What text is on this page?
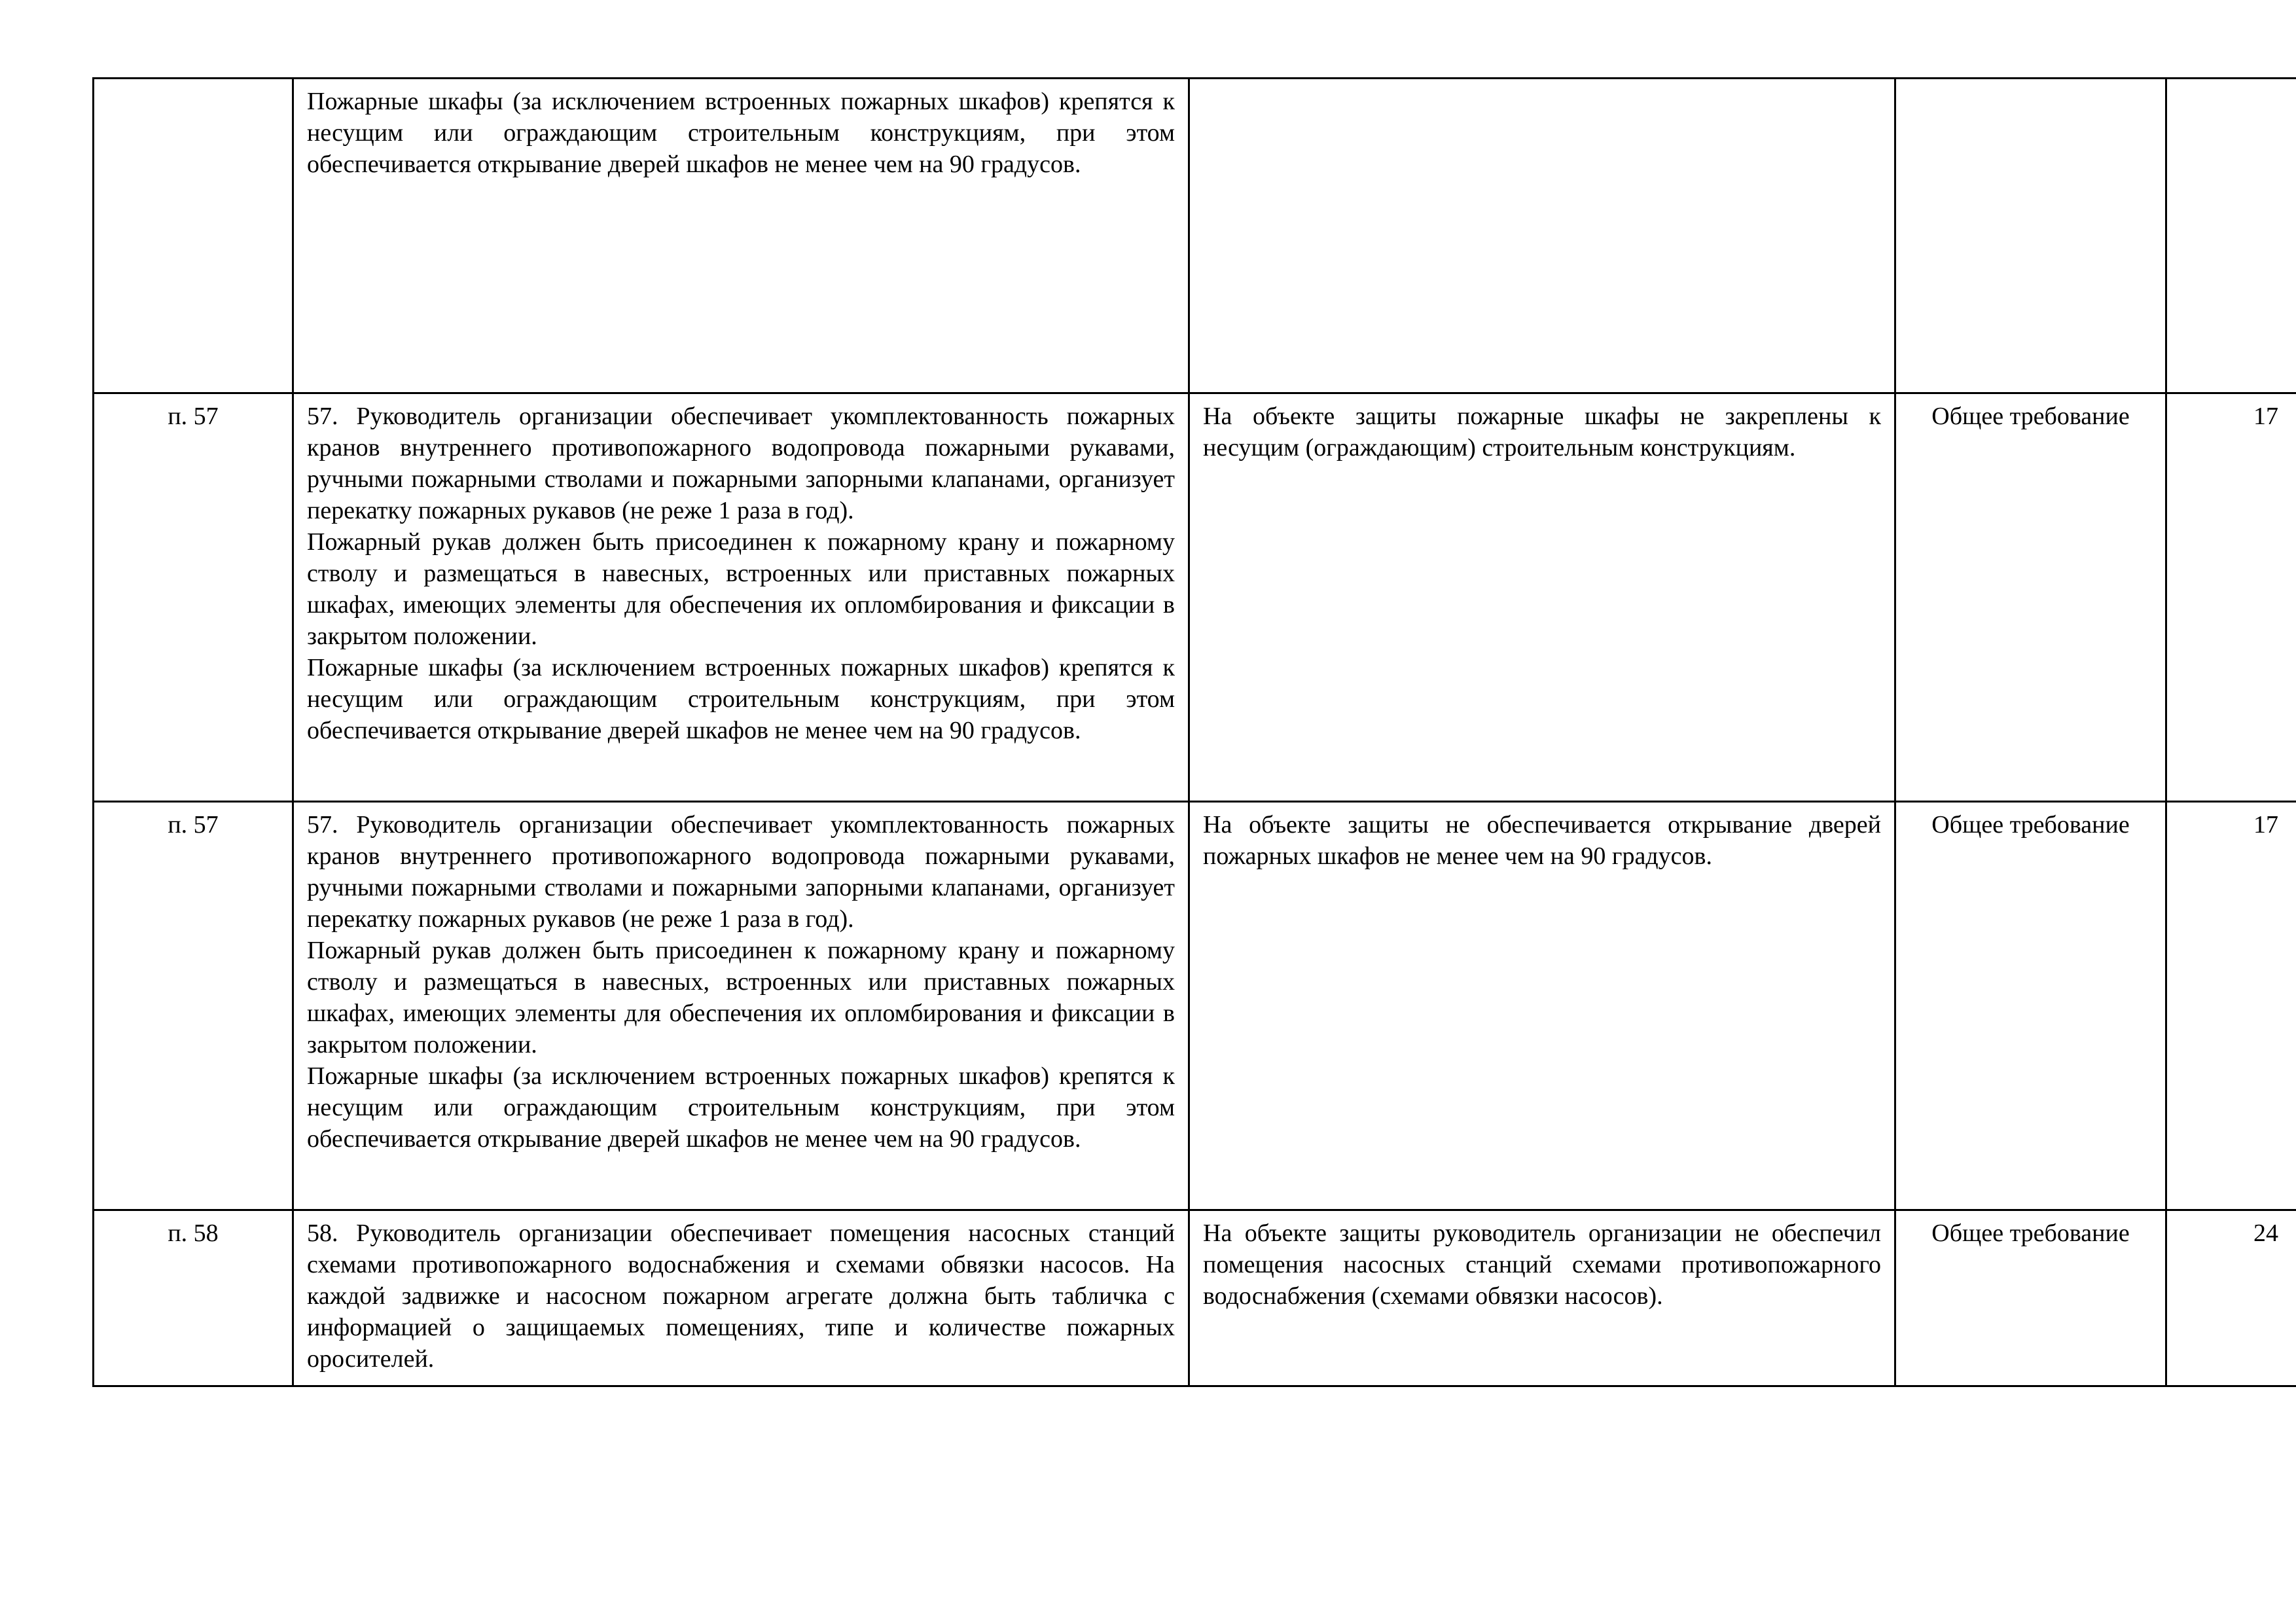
	Пожарные шкафы (за исключением встроенных пожарных шкафов) крепятся к несущим или ограждающим строительным конструкциям, при этом обеспечивается открывание дверей шкафов не менее чем на 90 градусов.			

п. 57	57. Руководитель организации обеспечивает укомплектованность пожарных кранов внутреннего противопожарного водопровода пожарными рукавами, ручными пожарными стволами и пожарными запорными клапанами, организует перекатку пожарных рукавов (не реже 1 раза в год).
Пожарный рукав должен быть присоединен к пожарному крану и пожарному стволу и размещаться в навесных, встроенных или приставных пожарных шкафах, имеющих элементы для обеспечения их опломбирования и фиксации в закрытом положении.
Пожарные шкафы (за исключением встроенных пожарных шкафов) крепятся к несущим или ограждающим строительным конструкциям, при этом обеспечивается открывание дверей шкафов не менее чем на 90 градусов.	На объекте защиты пожарные шкафы не закреплены к несущим (ограждающим) строительным конструкциям.	Общее требование	17
п. 57	57. Руководитель организации обеспечивает укомплектованность пожарных кранов внутреннего противопожарного водопровода пожарными рукавами, ручными пожарными стволами и пожарными запорными клапанами, организует перекатку пожарных рукавов (не реже 1 раза в год).
Пожарный рукав должен быть присоединен к пожарному крану и пожарному стволу и размещаться в навесных, встроенных или приставных пожарных шкафах, имеющих элементы для обеспечения их опломбирования и фиксации в закрытом положении.
Пожарные шкафы (за исключением встроенных пожарных шкафов) крепятся к несущим или ограждающим строительным конструкциям, при этом обеспечивается открывание дверей шкафов не менее чем на 90 градусов.	На объекте защиты не обеспечивается открывание дверей пожарных шкафов не менее чем на 90 градусов.	Общее требование	17
п. 58	58. Руководитель организации обеспечивает помещения насосных станций схемами противопожарного водоснабжения и схемами обвязки насосов. На каждой задвижке и насосном пожарном агрегате должна быть табличка с информацией о защищаемых помещениях, типе и количестве пожарных оросителей.	На объекте защиты руководитель организации не обеспечил помещения насосных станций схемами противопожарного водоснабжения (схемами обвязки насосов).	Общее требование	24
